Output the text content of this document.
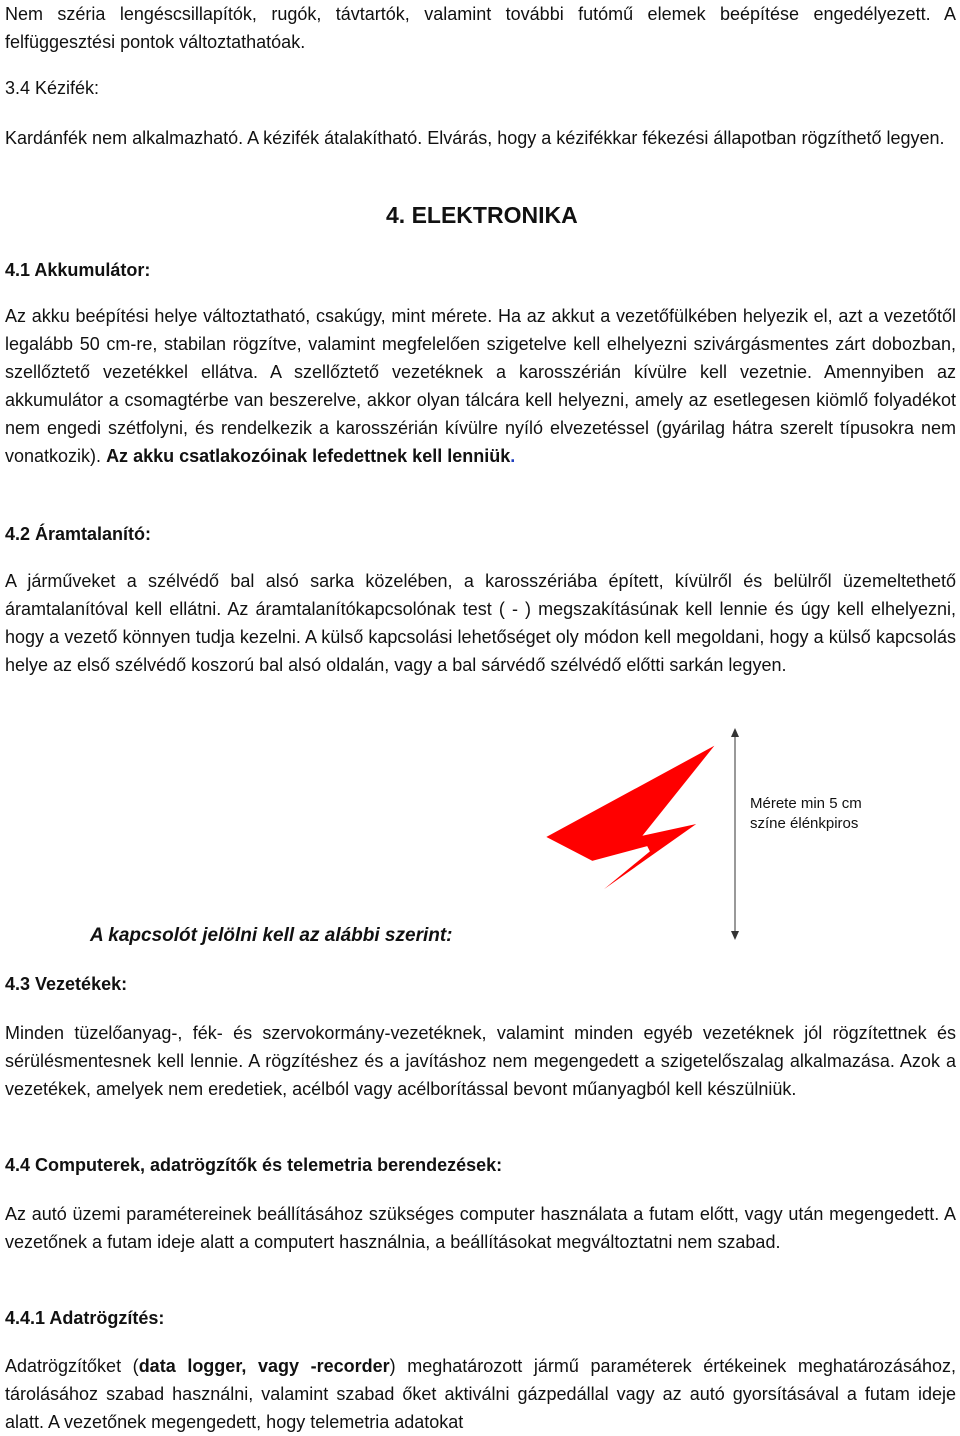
Nem széria lengéscsillapítók, rugók, távtartók, valamint további futómű elemek beépítése engedélyezett. A felfüggesztési pontok változtathatóak.

3.4 Kézifék:

Kardánfék nem alkalmazható. A kézifék átalakítható. Elvárás, hogy a kézifékkar fékezési állapotban rögzíthető legyen.

4. ELEKTRONIKA

4.1 Akkumulátor:

Az akku beépítési helye változtatható, csakúgy, mint mérete. Ha az akkut a vezetőfülkében helyezik el, azt a vezetőtől legalább 50 cm-re, stabilan rögzítve, valamint megfelelően szigetelve kell elhelyezni szivárgásmentes zárt dobozban, szellőztető vezetékkel ellátva. A szellőztető vezetéknek a karosszérián kívülre kell vezetnie. Amennyiben az akkumulátor a csomagtérbe van beszerelve, akkor olyan tálcára kell helyezni, amely az esetlegesen kiömlő folyadékot nem engedi szétfolyni, és rendelkezik a karosszérián kívülre nyíló elvezetéssel (gyárilag hátra szerelt típusokra nem vonatkozik). Az akku csatlakozóinak lefedettnek kell lenniük.

4.2 Áramtalanító:

A járműveket a szélvédő bal alsó sarka közelében, a karosszériába épített, kívülről és belülről üzemeltethető áramtalanítóval kell ellátni. Az áramtalanítókapcsolónak test ( - ) megszakításúnak kell lennie és úgy kell elhelyezni, hogy a vezető könnyen tudja kezelni. A külső kapcsolási lehetőséget oly módon kell megoldani, hogy a külső kapcsolás helye az első szélvédő koszorú bal alsó oldalán, vagy a bal sárvédő szélvédő előtti sarkán legyen.

Mérete min 5 cm
színe élénkpiros
A kapcsolót jelölni kell az alábbi szerint:

4.3 Vezetékek:

Minden tüzelőanyag-, fék- és szervokormány-vezetéknek, valamint minden egyéb vezetéknek jól rögzítettnek és sérülésmentesnek kell lennie. A rögzítéshez és a javításhoz nem megengedett a szigetelőszalag alkalmazása. Azok a vezetékek, amelyek nem eredetiek, acélból vagy acélborítással bevont műanyagból kell készülniük.

4.4 Computerek, adatrögzítők és telemetria berendezések:

Az autó üzemi paramétereinek beállításához szükséges computer használata a futam előtt, vagy után megengedett. A vezetőnek a futam ideje alatt a computert használnia, a beállításokat megváltoztatni nem szabad.

4.4.1 Adatrögzítés:

Adatrögzítőket (data logger, vagy -recorder) meghatározott jármű paraméterek értékeinek meghatározásához, tárolásához szabad használni, valamint szabad őket aktiválni gázpedállal vagy az autó gyorsításával a futam ideje alatt. A vezetőnek megengedett, hogy telemetria adatokat
